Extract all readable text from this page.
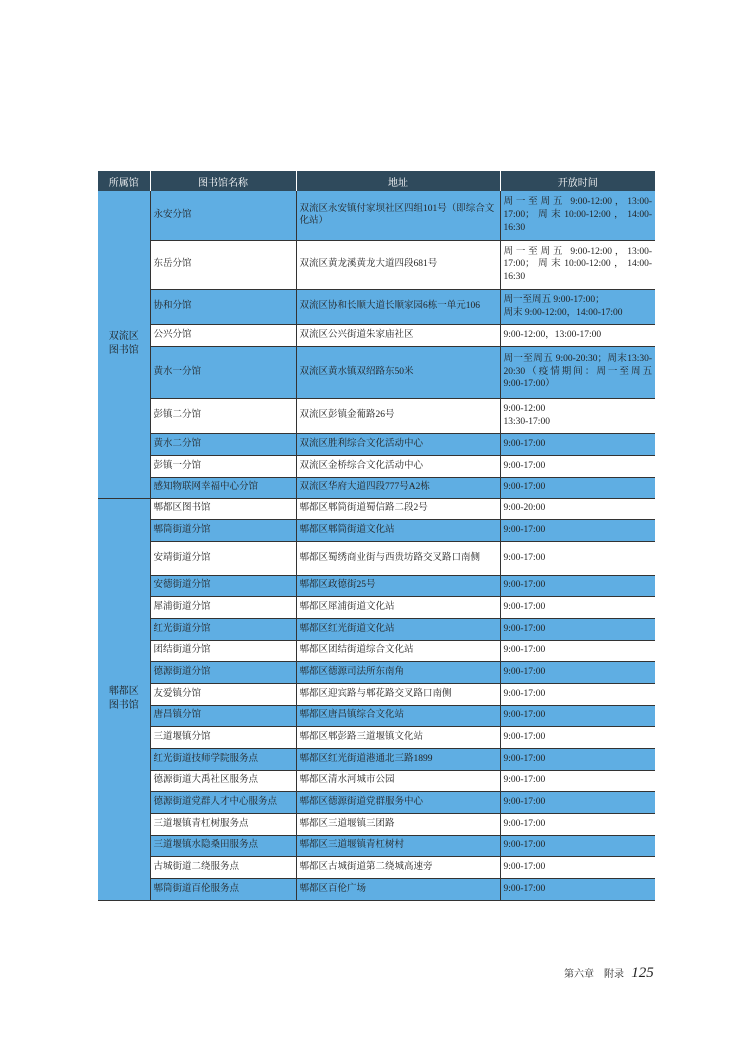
所属馆	图书馆名称	地址	开放时间
双流区
图书馆	永安分馆	双流区永安镇付家坝社区四组101号（即综合文化站）	周一至周五 9:00-12:00，13:00-17:00；周末10:00-12:00，14:00-16:30
	东岳分馆	双流区黄龙溪黄龙大道四段681号	周一至周五 9:00-12:00，13:00-17:00；周末10:00-12:00，14:00-16:30
	协和分馆	双流区协和长顺大道长顺家园6栋一单元106	周一至周五 9:00-17:00；
周末 9:00-12:00，14:00-17:00
	公兴分馆	双流区公兴街道朱家庙社区	9:00-12:00，13:00-17:00
	黄水一分馆	双流区黄水镇双绍路东50米	周一至周五 9:00-20:30；周末13:30-20:30（疫情期间：周一至周五 9:00-17:00）
	彭镇二分馆	双流区彭镇金葡路26号	9:00-12:00
13:30-17:00
	黄水二分馆	双流区胜利综合文化活动中心	9:00-17:00
	彭镇一分馆	双流区金桥综合文化活动中心	9:00-17:00
	感知物联网幸福中心分馆	双流区华府大道四段777号A2栋	9:00-17:00
郫都区
图书馆	郫都区图书馆	郫都区郫筒街道蜀信路二段2号	9:00-20:00
	郫筒街道分馆	郫都区郫筒街道文化站	9:00-17:00
	安靖街道分馆	郫都区蜀绣商业街与西贵坊路交叉路口南侧	9:00-17:00
	安德街道分馆	郫都区政德街25号	9:00-17:00
	犀浦街道分馆	郫都区犀浦街道文化站	9:00-17:00
	红光街道分馆	郫都区红光街道文化站	9:00-17:00
	团结街道分馆	郫都区团结街道综合文化站	9:00-17:00
	德源街道分馆	郫都区德源司法所东南角	9:00-17:00
	友爱镇分馆	郫都区迎宾路与郫花路交叉路口南侧	9:00-17:00
	唐昌镇分馆	郫都区唐昌镇综合文化站	9:00-17:00
	三道堰镇分馆	郫都区郫彭路三道堰镇文化站	9:00-17:00
	红光街道技师学院服务点	郫都区红光街道港通北三路1899	9:00-17:00
	德源街道大禹社区服务点	郫都区清水河城市公园	9:00-17:00
	德源街道党群人才中心服务点	郫都区德源街道党群服务中心	9:00-17:00
	三道堰镇青杠树服务点	郫都区三道堰镇三团路	9:00-17:00
	三道堰镇水隐桑田服务点	郫都区三道堰镇青杠树村	9:00-17:00
	古城街道二绕服务点	郫都区古城街道第二绕城高速旁	9:00-17:00
	郫筒街道百伦服务点	郫都区百伦广场	9:00-17:00
第六章　附录 125
